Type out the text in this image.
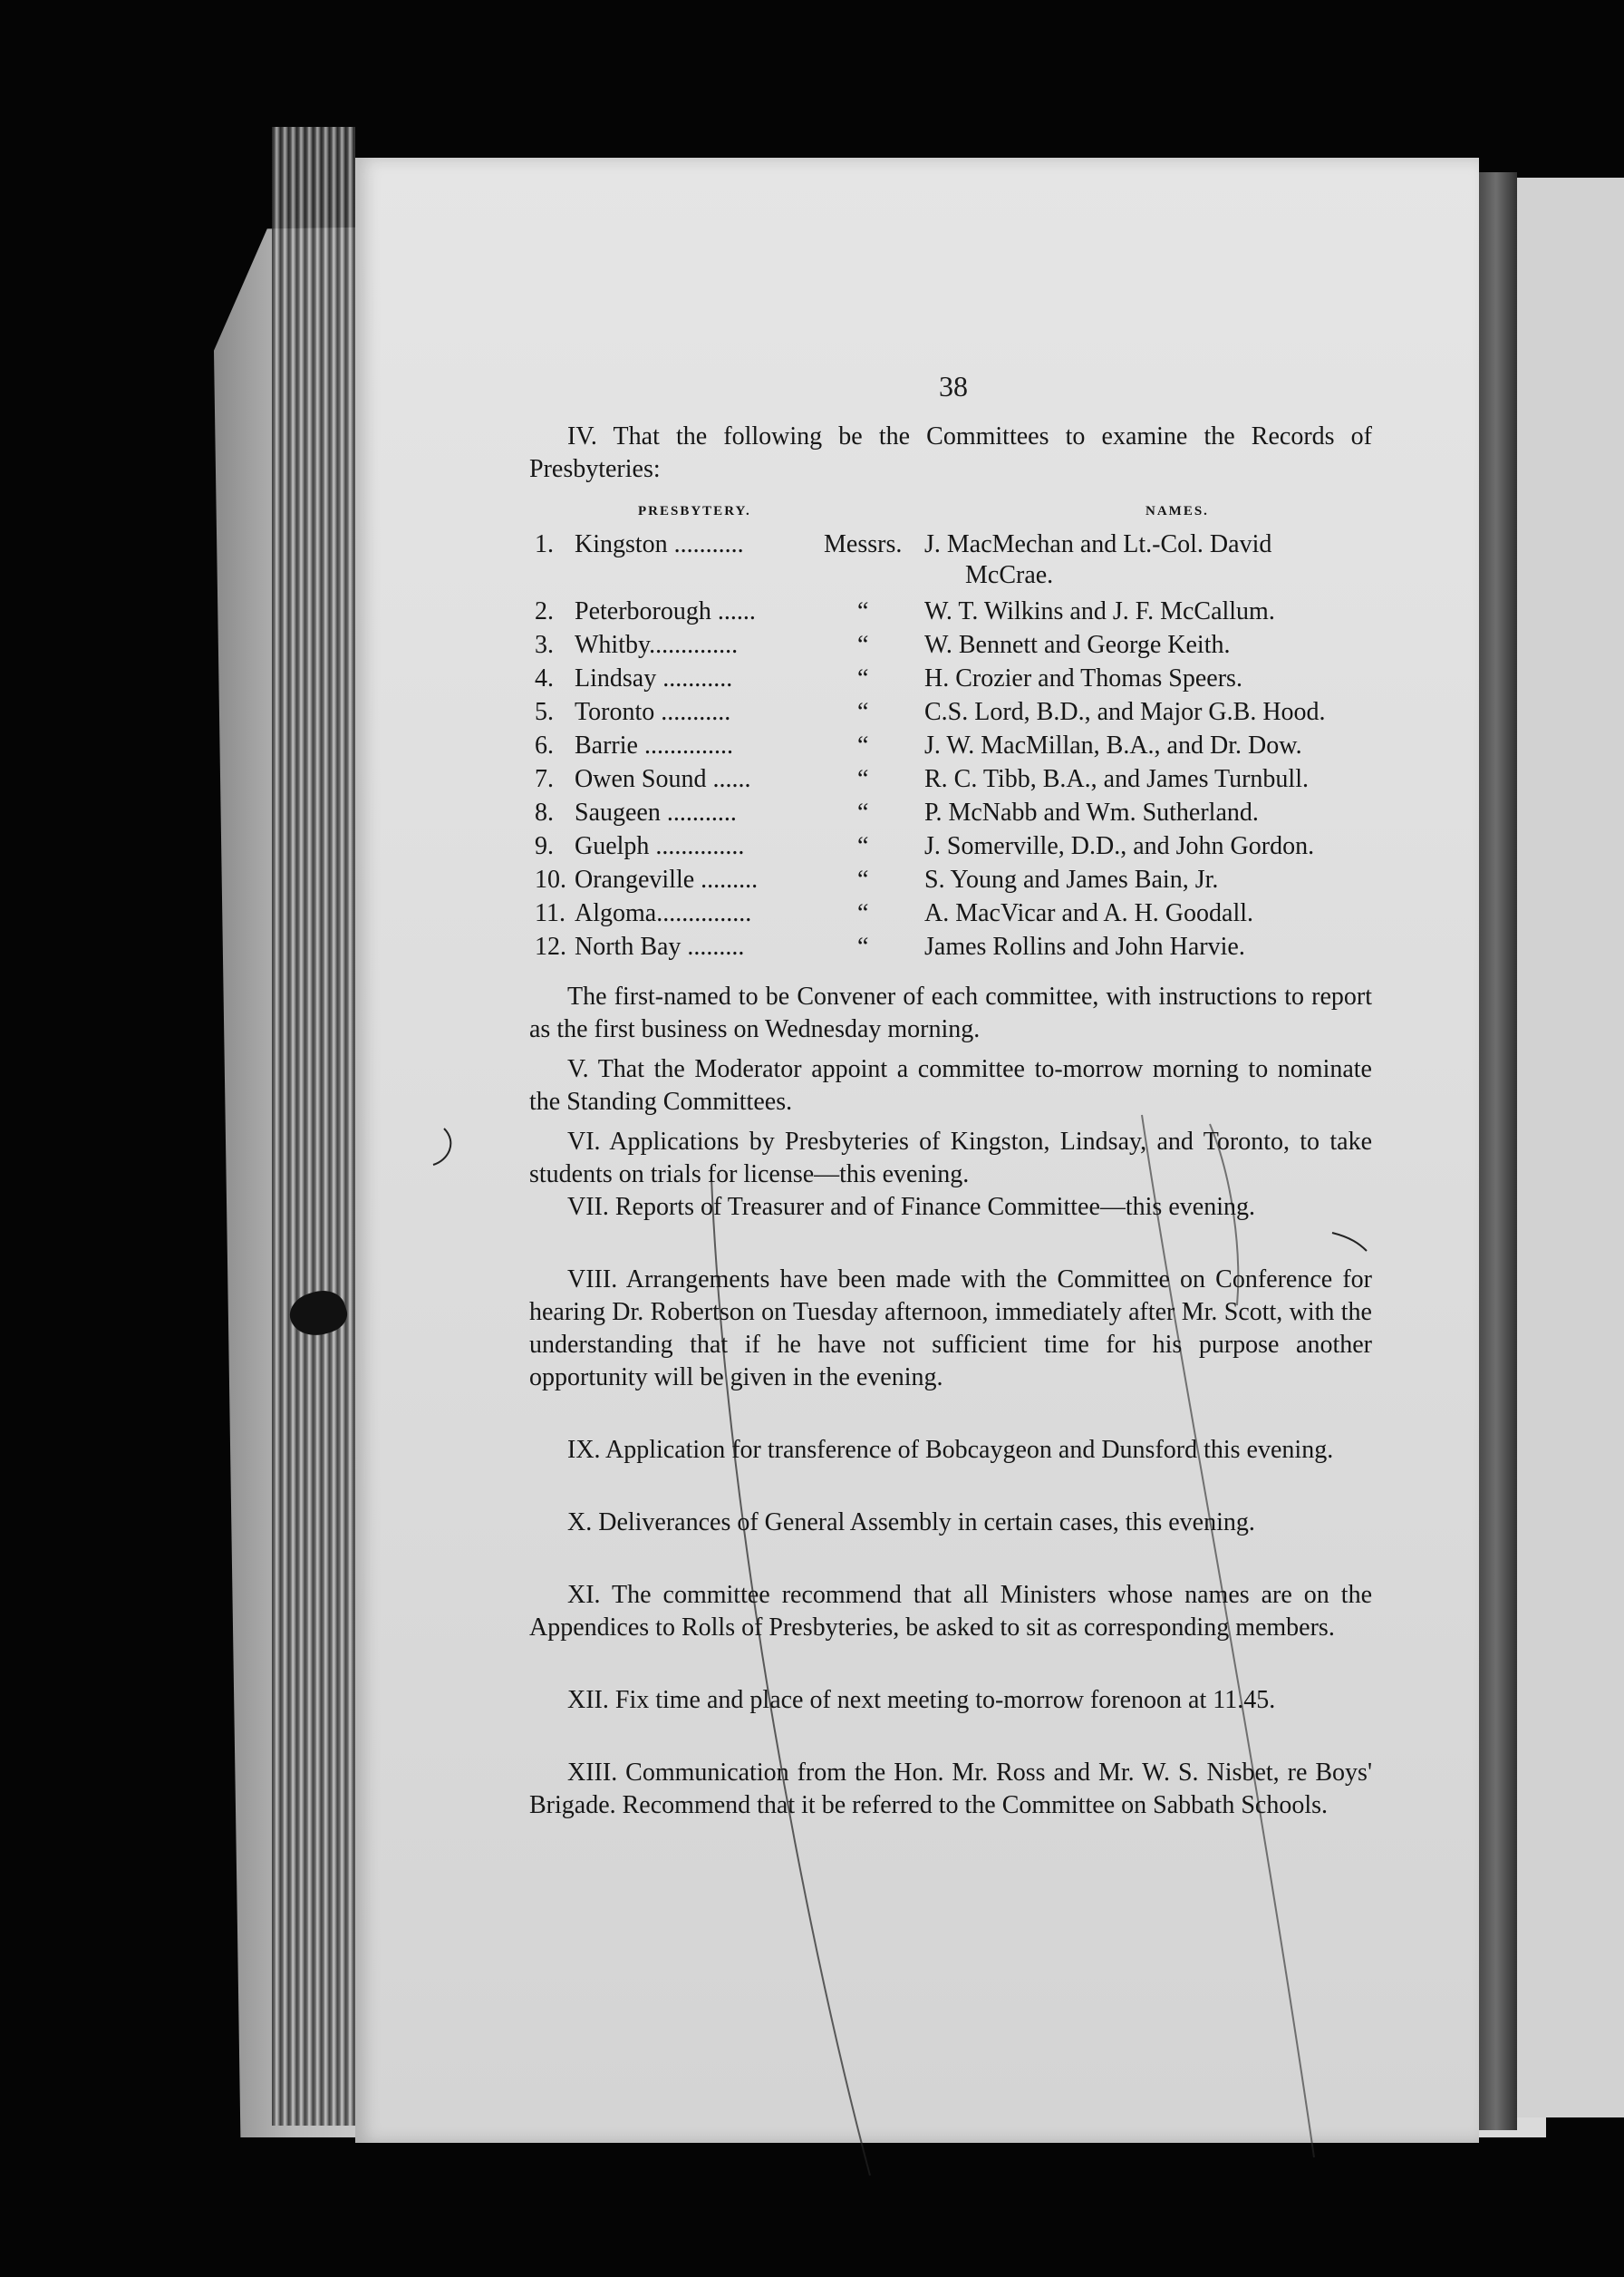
38

IV. That the following be the Committees to examine the Records of Presbyteries:

PRESBYTERY.	NAMES.
1. Kingston ...........	Messrs. J. MacMechan and Lt.-Col. David
McCrae.
2. Peterborough ......	“ W. T. Wilkins and J. F. McCallum.
3. Whitby..............	“ W. Bennett and George Keith.
4. Lindsay ...........	“ H. Crozier and Thomas Speers.
5. Toronto ...........	“ C.S. Lord, B.D., and Major G.B. Hood.
6. Barrie ..............	“ J. W. MacMillan, B.A., and Dr. Dow.
7. Owen Sound ......	“ R. C. Tibb, B.A., and James Turnbull.
8. Saugeen ...........	“ P. McNabb and Wm. Sutherland.
9. Guelph ..............	“ J. Somerville, D.D., and John Gordon.
10. Orangeville .........	“ S. Young and James Bain, Jr.
11. Algoma...............	“ A. MacVicar and A. H. Goodall.
12. North Bay .........	“ James Rollins and John Harvie.

The first-named to be Convener of each committee, with instructions to report as the first business on Wednesday morning.

V. That the Moderator appoint a committee to-morrow morning to nominate the Standing Committees.

VI. Applications by Presbyteries of Kingston, Lindsay, and Toronto, to take students on trials for license—this evening.

VII. Reports of Treasurer and of Finance Committee—this evening.

VIII. Arrangements have been made with the Committee on Conference for hearing Dr. Robertson on Tuesday afternoon, immediately after Mr. Scott, with the understanding that if he have not sufficient time for his purpose another opportunity will be given in the evening.

IX. Application for transference of Bobcaygeon and Dunsford this evening.

X. Deliverances of General Assembly in certain cases, this evening.

XI. The committee recommend that all Ministers whose names are on the Appendices to Rolls of Presbyteries, be asked to sit as corresponding members.

XII. Fix time and place of next meeting to-morrow forenoon at 11.45.

XIII. Communication from the Hon. Mr. Ross and Mr. W. S. Nisbet, re Boys' Brigade. Recommend that it be referred to the Committee on Sabbath Schools.
